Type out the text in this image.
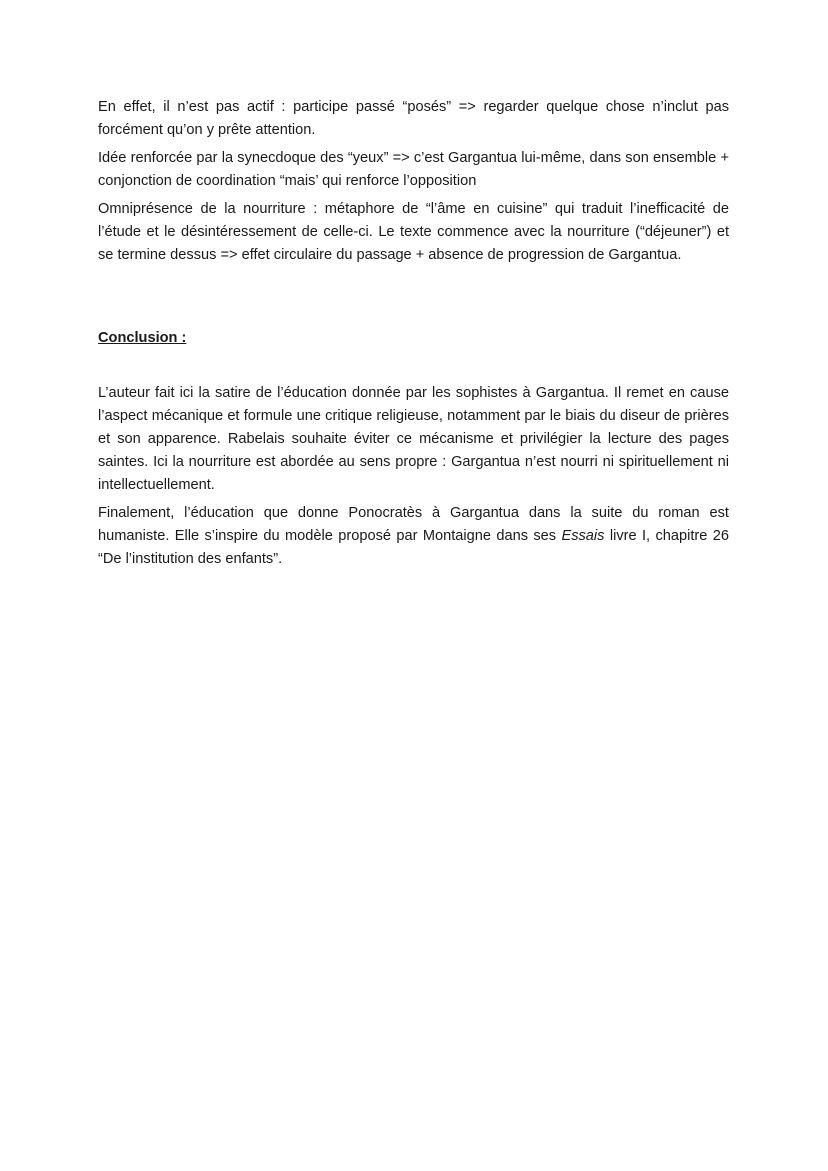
En effet, il n’est pas actif : participe passé “posés” => regarder quelque chose n’inclut pas forcément qu’on y prête attention.

Idée renforcée par la synecdoque des “yeux” => c’est Gargantua lui-même, dans son ensemble + conjonction de coordination “mais’ qui renforce l’opposition

Omniprésence de la nourriture : métaphore de “l’âme en cuisine” qui traduit l’inefficacité de l’étude et le désintéressement de celle-ci. Le texte commence avec la nourriture (“déjeuner”) et se termine dessus => effet circulaire du passage + absence de progression de Gargantua.

Conclusion :

L’auteur fait ici la satire de l’éducation donnée par les sophistes à Gargantua. Il remet en cause l’aspect mécanique et formule une critique religieuse, notamment par le biais du diseur de prières et son apparence. Rabelais souhaite éviter ce mécanisme et privilégier la lecture des pages saintes. Ici la nourriture est abordée au sens propre : Gargantua n’est nourri ni spirituellement ni intellectuellement.

Finalement, l’éducation que donne Ponocratès à Gargantua dans la suite du roman est humaniste. Elle s’inspire du modèle proposé par Montaigne dans ses Essais livre I, chapitre 26 “De l’institution des enfants”.
